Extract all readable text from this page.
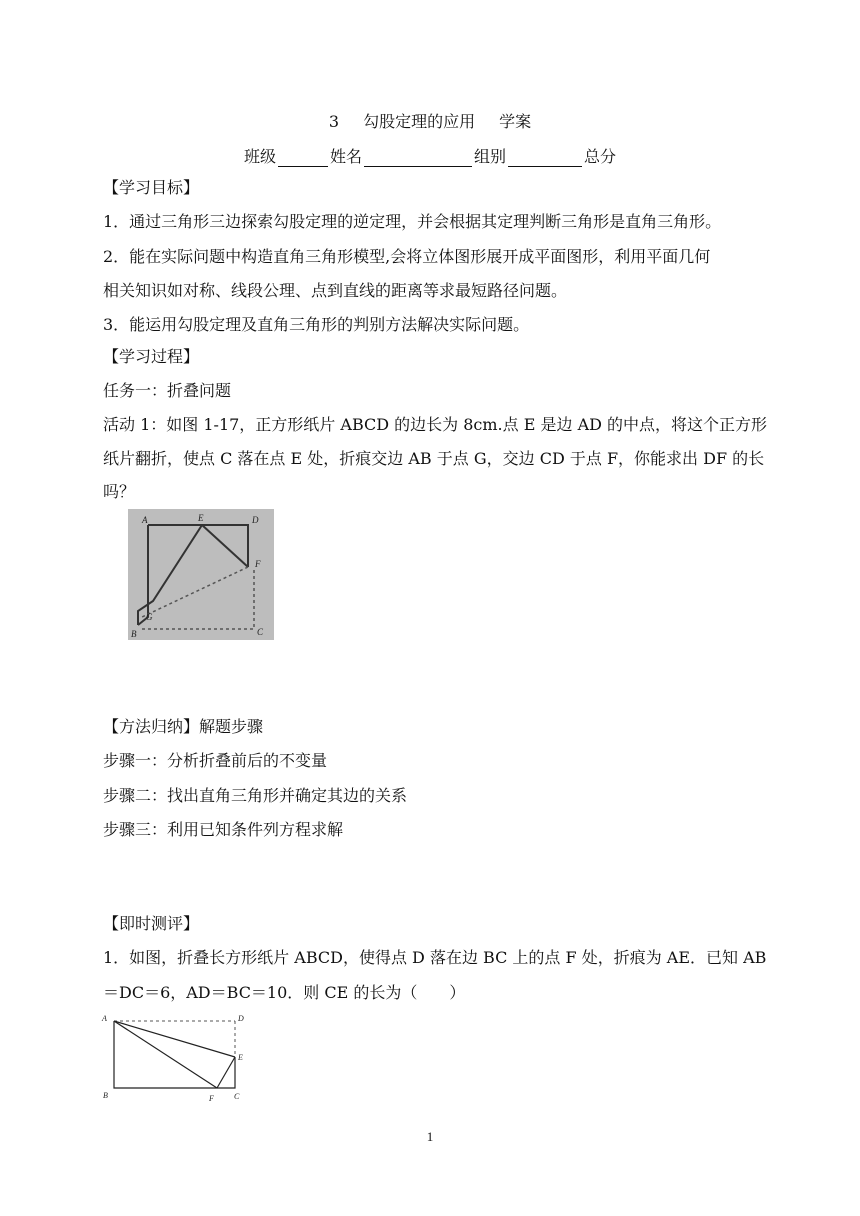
3 勾股定理的应用 学案
班级	姓名	组别	总分
【学习目标】
1．通过三角形三边探索勾股定理的逆定理，并会根据其定理判断三角形是直角三角形。
2．能在实际问题中构造直角三角形模型,会将立体图形展开成平面图形，利用平面几何
相关知识如对称、线段公理、点到直线的距离等求最短路径问题。
3．能运用勾股定理及直角三角形的判别方法解决实际问题。
【学习过程】
任务一：折叠问题
活动 1：如图 1-17，正方形纸片 ABCD 的边长为 8cm.点 E 是边 AD 的中点，将这个正方形
纸片翻折，使点 C 落在点 E 处，折痕交边 AB 于点 G，交边 CD 于点 F，你能求出 DF 的长
吗？
A	E	D
F
G
B	C
【方法归纳】解题步骤
步骤一：分析折叠前后的不变量
步骤二：找出直角三角形并确定其边的关系
步骤三：利用已知条件列方程求解
【即时测评】
1．如图，折叠长方形纸片 ABCD，使得点 D 落在边 BC 上的点 F 处，折痕为 AE．已知 AB
＝DC＝6，AD＝BC＝10．则 CE 的长为（　　）
A	D
E
B	F	C
1
